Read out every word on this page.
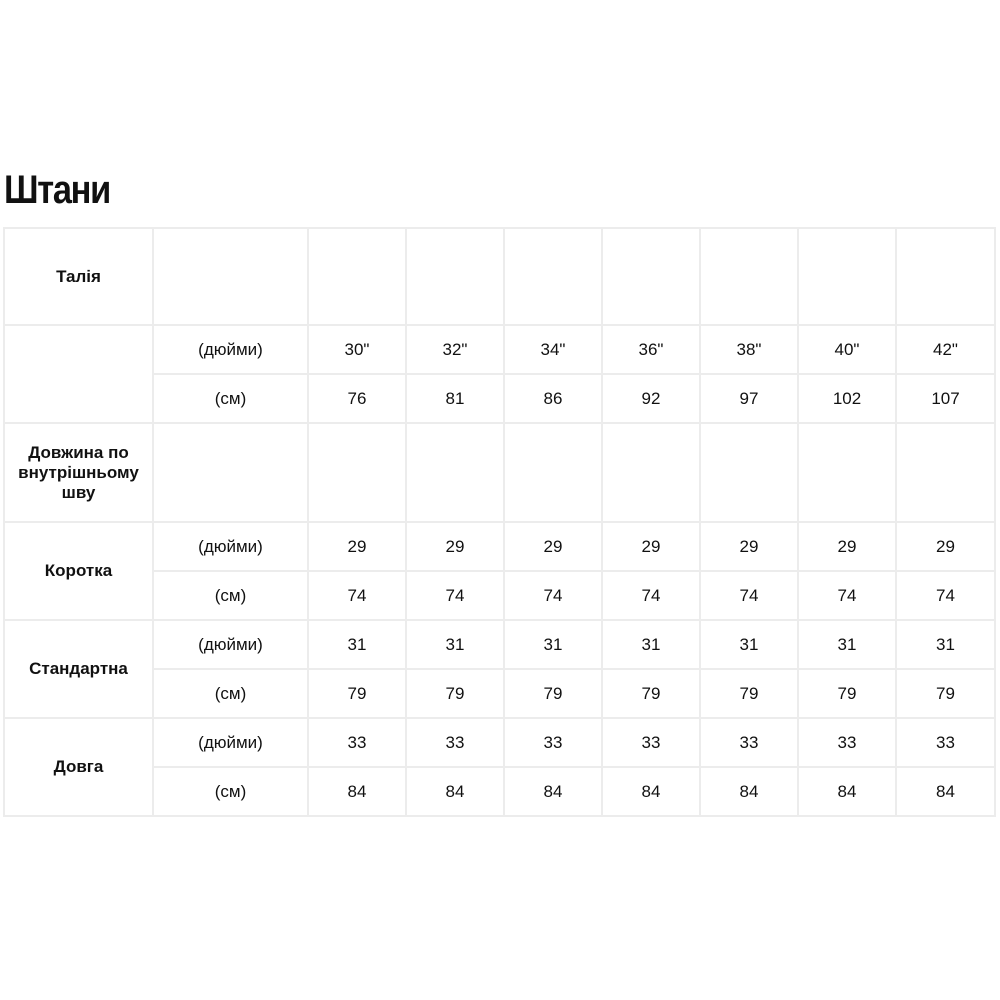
Штани
Талія								
	(дюйми)	30"	32"	34"	36"	38"	40"	42"
	(см)	76	81	86	92	97	102	107
Довжина по внутрішньому шву								
Коротка	(дюйми)	29	29	29	29	29	29	29
	(см)	74	74	74	74	74	74	74
Стандартна	(дюйми)	31	31	31	31	31	31	31
	(см)	79	79	79	79	79	79	79
Довга	(дюйми)	33	33	33	33	33	33	33
	(см)	84	84	84	84	84	84	84
